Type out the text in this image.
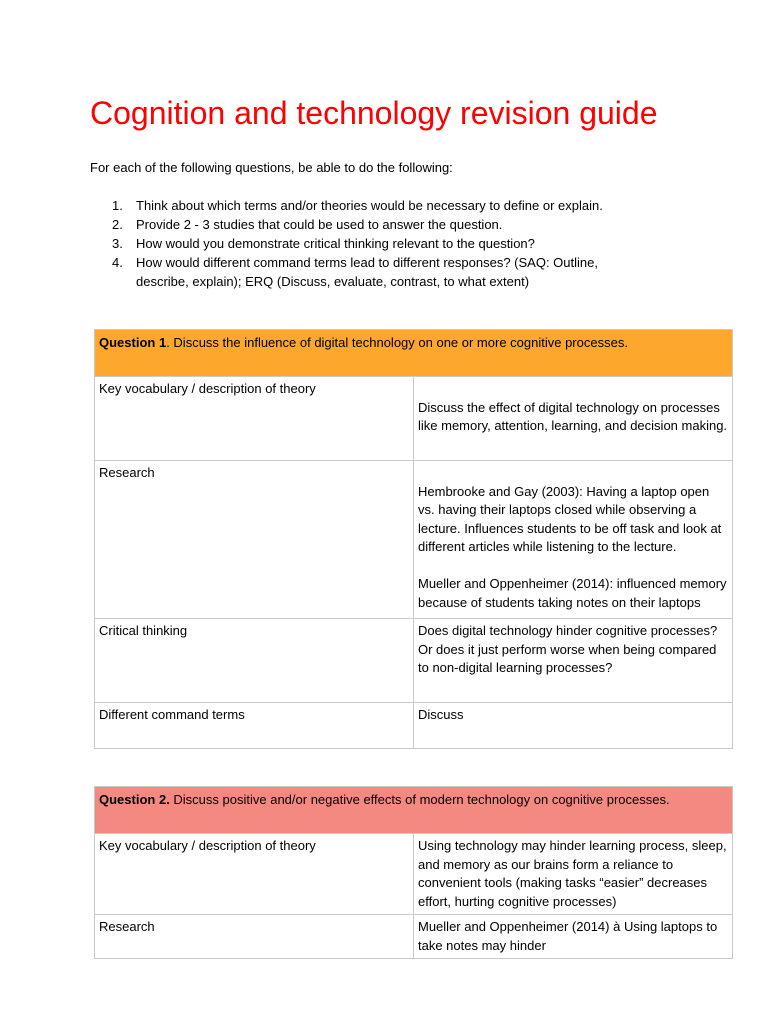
Cognition and technology revision guide

For each of the following questions, be able to do the following:

1. Think about which terms and/or theories would be necessary to define or explain.
2. Provide 2 - 3 studies that could be used to answer the question.
3. How would you demonstrate critical thinking relevant to the question?
4. How would different command terms lead to different responses? (SAQ: Outline, describe, explain); ERQ (Discuss, evaluate, contrast, to what extent)
Question 1. Discuss the influence of digital technology on one or more cognitive processes.	
Key vocabulary / description of theory	Discuss the effect of digital technology on processes like memory, attention, learning, and decision making.

Research	Hembrooke and Gay (2003): Having a laptop open vs. having their laptops closed while observing a lecture. Influences students to be off task and look at different articles while listening to the lecture.

Mueller and Oppenheimer (2014): influenced memory because of students taking notes on their laptops

Critical thinking	Does digital technology hinder cognitive processes? Or does it just perform worse when being compared to non-digital learning processes?

Different command terms	Discuss

Question 2. Discuss positive and/or negative effects of modern technology on cognitive processes.	
Key vocabulary / description of theory	Using technology may hinder learning process, sleep, and memory as our brains form a reliance to convenient tools (making tasks “easier” decreases effort, hurting cognitive processes)

Research	Mueller and Oppenheimer (2014) à Using laptops to take notes may hinder
